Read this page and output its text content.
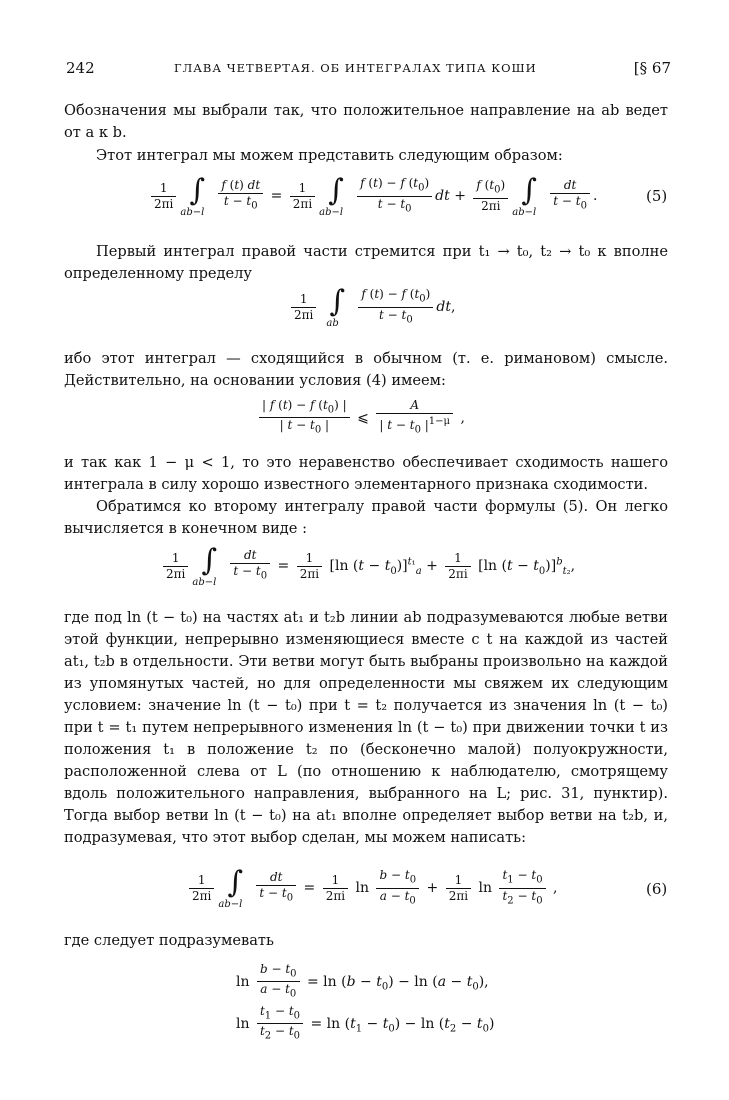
242	ГЛАВА ЧЕТВЕРТАЯ. ОБ ИНТЕГРАЛАХ ТИПА КОШИ	[§ 67

Обозначения мы выбрали так, что положительное направление на ab ведет от a к b.

Этот интеграл мы можем представить следующим образом:

$\frac{1}{2\pi i}$ ∫
$ab-l \frac{f (t) dt}{t - t_0} = \frac{1}{2\pi i}$ ∫
$ab-l \frac{f (t) - f (t_0)}{t - t_0}$ dt + $\frac{f (t_0)}{2\pi i}$ ∫
$ab-l \frac{dt}{t - t_0}$ .	(5)

Первый интеграл правой части стремится при t₁ → t₀, t₂ → t₀ к вполне определенному пределу

$\frac{1}{2\pi i}$ ∫
ab $\frac{f (t) - f (t_0)}{t - t_0}$ dt,

ибо этот интеграл — сходящийся в обычном (т. е. римановом) смысле. Действительно, на основании условия (4) имеем:

$\frac{| f (t) - f (t_0) |}{| t - t_0 |}$ ⩽ $\frac{A}{| t - t_0 |^{1-\mu}}$ ,

и так как 1 − μ < 1, то это неравенство обеспечивает сходимость нашего интеграла в силу хорошо известного элементарного признака сходимости.

Обратимся ко второму интегралу правой части формулы (5). Он легко вычисляется в конечном виде :

$\frac{1}{2\pi i}$ ∫
$ab-l \frac{dt}{t - t_0} = \frac{1}{2\pi i} [\ln$ $(t - t_0)]^{t_1}_a + \frac{1}{2\pi i} [\ln$ $(t - t_0)]^b_{t_2}$,

где под ln (t − t₀) на частях at₁ и t₂b линии ab подразумеваются любые ветви этой функции, непрерывно изменяющиеся вместе с t на каждой из частей at₁, t₂b в отдельности. Эти ветви могут быть выбраны произвольно на каждой из упомянутых частей, но для определенности мы свяжем их следующим условием: значение ln (t − t₀) при t = t₂ получается из значения ln (t − t₀) при t = t₁ путем непрерывного изменения ln (t − t₀) при движении точки t из положения t₁ в положение t₂ по (бесконечно малой) полуокружности, расположенной слева от L (по отношению к наблюдателю, смотрящему вдоль положительного направления, выбранного на L; рис. 31, пунктир). Тогда выбор ветви ln (t − t₀) на at₁ вполне определяет выбор ветви на t₂b, и, подразумевая, что этот выбор сделан, мы можем написать:

$\frac{1}{2\pi i}$ ∫
$ab-l \frac{dt}{t - t_0} = \frac{1}{2\pi i}$ $\ln \frac{b - t_0}{a - t_0} + \frac{1}{2\pi i}$ $\ln \frac{t_1 - t_0}{t_2 - t_0}$ ,	(6)

где следует подразумевать

$\ln \frac{b - t_0}{a - t_0} = \ln (b - t_0) - \ln (a - t_0)$,
$\ln \frac{t_1 - t_0}{t_2 - t_0} = \ln (t_1 - t_0) - \ln (t_2 - t_0)$
